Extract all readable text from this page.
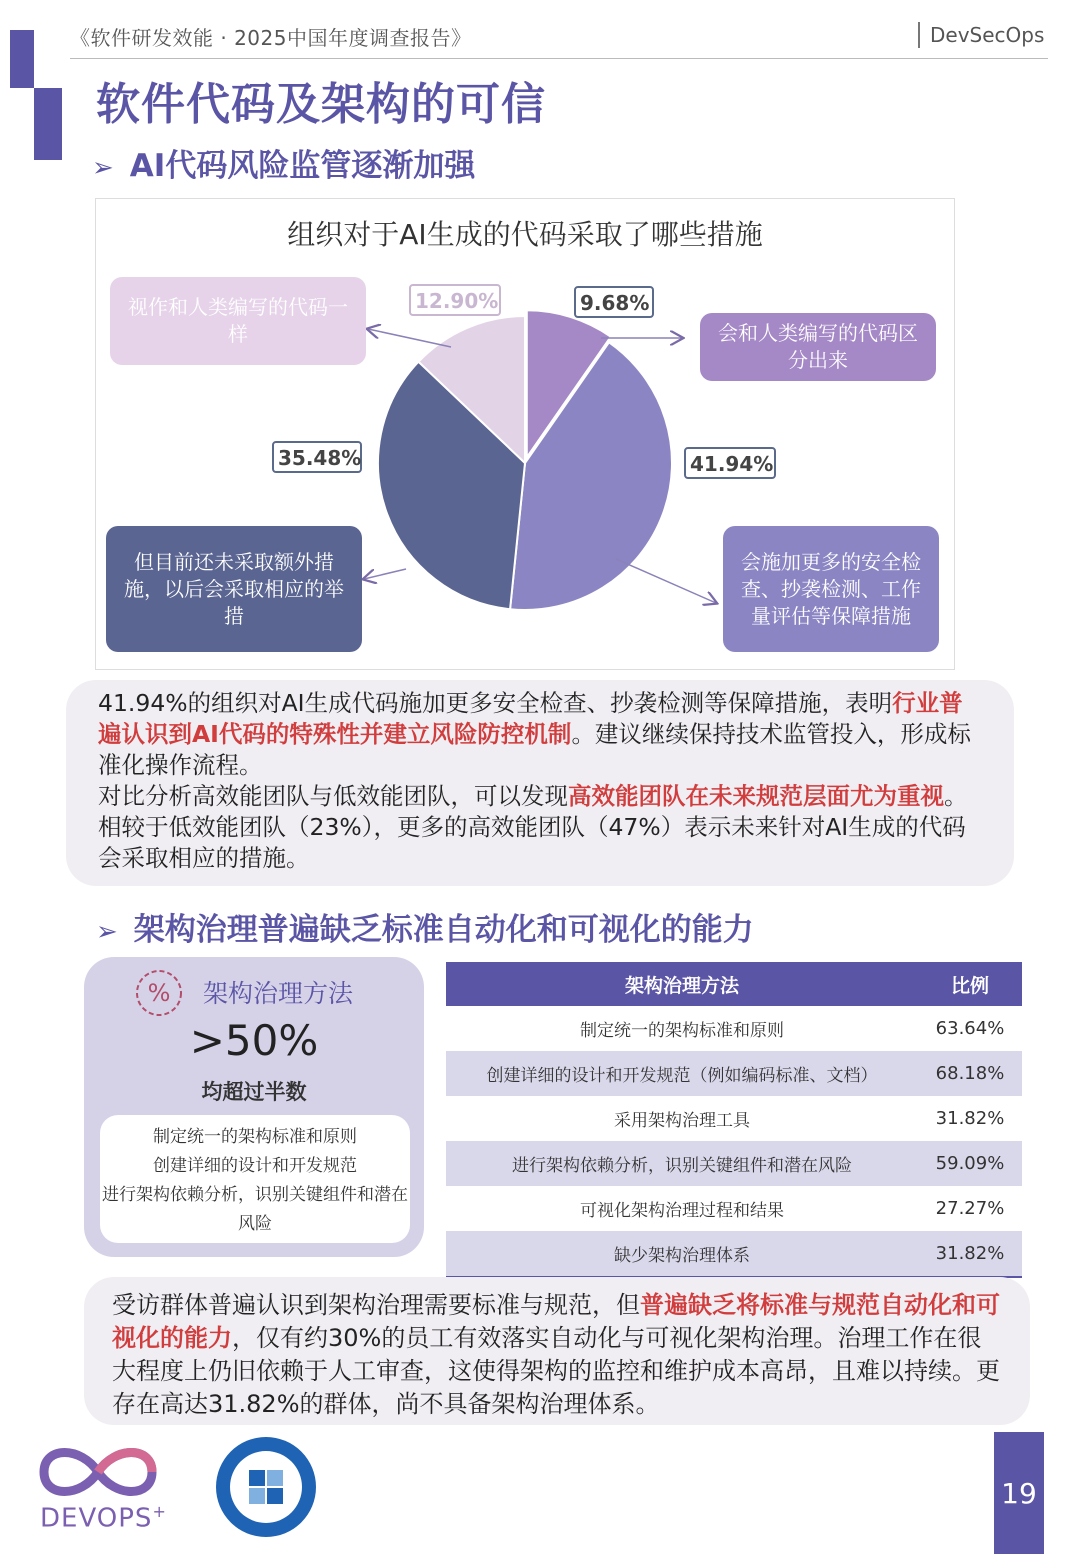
《软件研发效能 · 2025中国年度调查报告》	DevSecOps
软件代码及架构的可信
➢ AI代码风险监管逐渐加强
组织对于AI生成的代码采取了哪些措施
视作和人类编写的代码一样	会和人类编写的代码区分出来
但目前还未采取额外措施，以后会采取相应的举措
会施加更多的安全检查、抄袭检测、工作量评估等保障措施
12.90%	9.68%
35.48%	41.94%
41.94%的组织对AI生成代码施加更多安全检查、抄袭检测等保障措施，表明行业普遍认识到AI代码的特殊性并建立风险防控机制。建议继续保持技术监管投入，形成标准化操作流程。
对比分析高效能团队与低效能团队，可以发现高效能团队在未来规范层面尤为重视。相较于低效能团队（23%），更多的高效能团队（47%）表示未来针对AI生成的代码会采取相应的措施。
➢ 架构治理普遍缺乏标准自动化和可视化的能力
% 架构治理方法
>50%
均超过半数
制定统一的架构标准和原则
创建详细的设计和开发规范
进行架构依赖分析，识别关键组件和潜在风险
架构治理方法	比例
制定统一的架构标准和原则	63.64%
创建详细的设计和开发规范（例如编码标准、文档）	68.18%
采用架构治理工具	31.82%
进行架构依赖分析，识别关键组件和潜在风险	59.09%
可视化架构治理过程和结果	27.27%
缺少架构治理体系	31.82%
受访群体普遍认识到架构治理需要标准与规范，但普遍缺乏将标准与规范自动化和可视化的能力，仅有约30%的员工有效落实自动化与可视化架构治理。治理工作在很大程度上仍旧依赖于人工审查，这使得架构的监控和维护成本高昂，且难以持续。更存在高达31.82%的群体，尚不具备架构治理体系。
DEVOPS+
19
